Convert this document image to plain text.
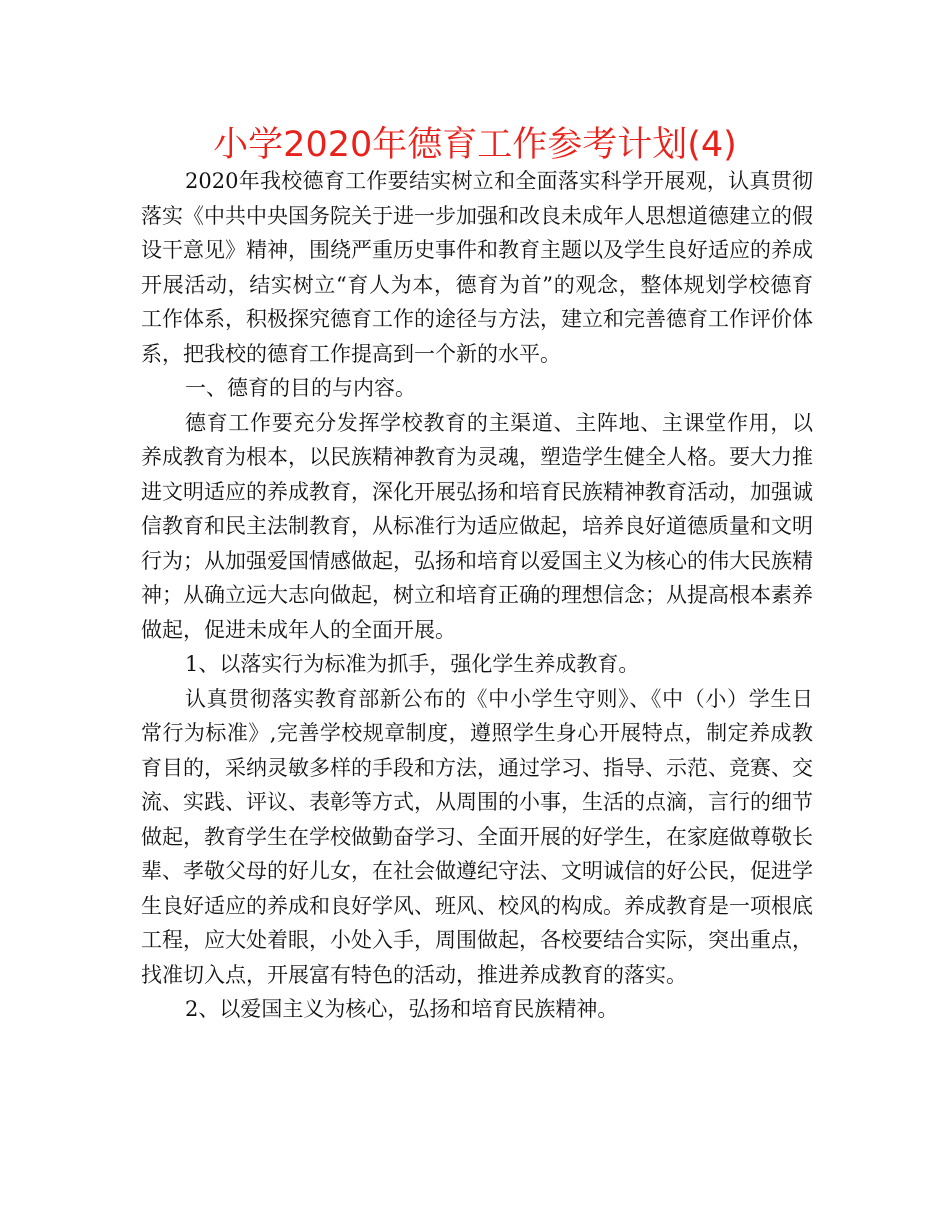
小学2020年德育工作参考计划(4)

2020年我校德育工作要结实树立和全面落实科学开展观，认真贯彻落实《中共中央国务院关于进一步加强和改良未成年人思想道德建立的假设干意见》精神，围绕严重历史事件和教育主题以及学生良好适应的养成开展活动，结实树立“育人为本，德育为首”的观念，整体规划学校德育工作体系，积极探究德育工作的途径与方法，建立和完善德育工作评价体系，把我校的德育工作提高到一个新的水平。

一、德育的目的与内容。

德育工作要充分发挥学校教育的主渠道、主阵地、主课堂作用，以养成教育为根本，以民族精神教育为灵魂，塑造学生健全人格。要大力推进文明适应的养成教育，深化开展弘扬和培育民族精神教育活动，加强诚信教育和民主法制教育，从标准行为适应做起，培养良好道德质量和文明行为；从加强爱国情感做起，弘扬和培育以爱国主义为核心的伟大民族精神；从确立远大志向做起，树立和培育正确的理想信念；从提高根本素养做起，促进未成年人的全面开展。

1、以落实行为标准为抓手，强化学生养成教育。

认真贯彻落实教育部新公布的《中小学生守则》、《中（小）学生日常行为标准》,完善学校规章制度，遵照学生身心开展特点，制定养成教育目的，采纳灵敏多样的手段和方法，通过学习、指导、示范、竞赛、交流、实践、评议、表彰等方式，从周围的小事，生活的点滴，言行的细节做起，教育学生在学校做勤奋学习、全面开展的好学生，在家庭做尊敬长辈、孝敬父母的好儿女，在社会做遵纪守法、文明诚信的好公民，促进学生良好适应的养成和良好学风、班风、校风的构成。养成教育是一项根底工程，应大处着眼，小处入手，周围做起，各校要结合实际，突出重点，找准切入点，开展富有特色的活动，推进养成教育的落实。

2、以爱国主义为核心，弘扬和培育民族精神。
